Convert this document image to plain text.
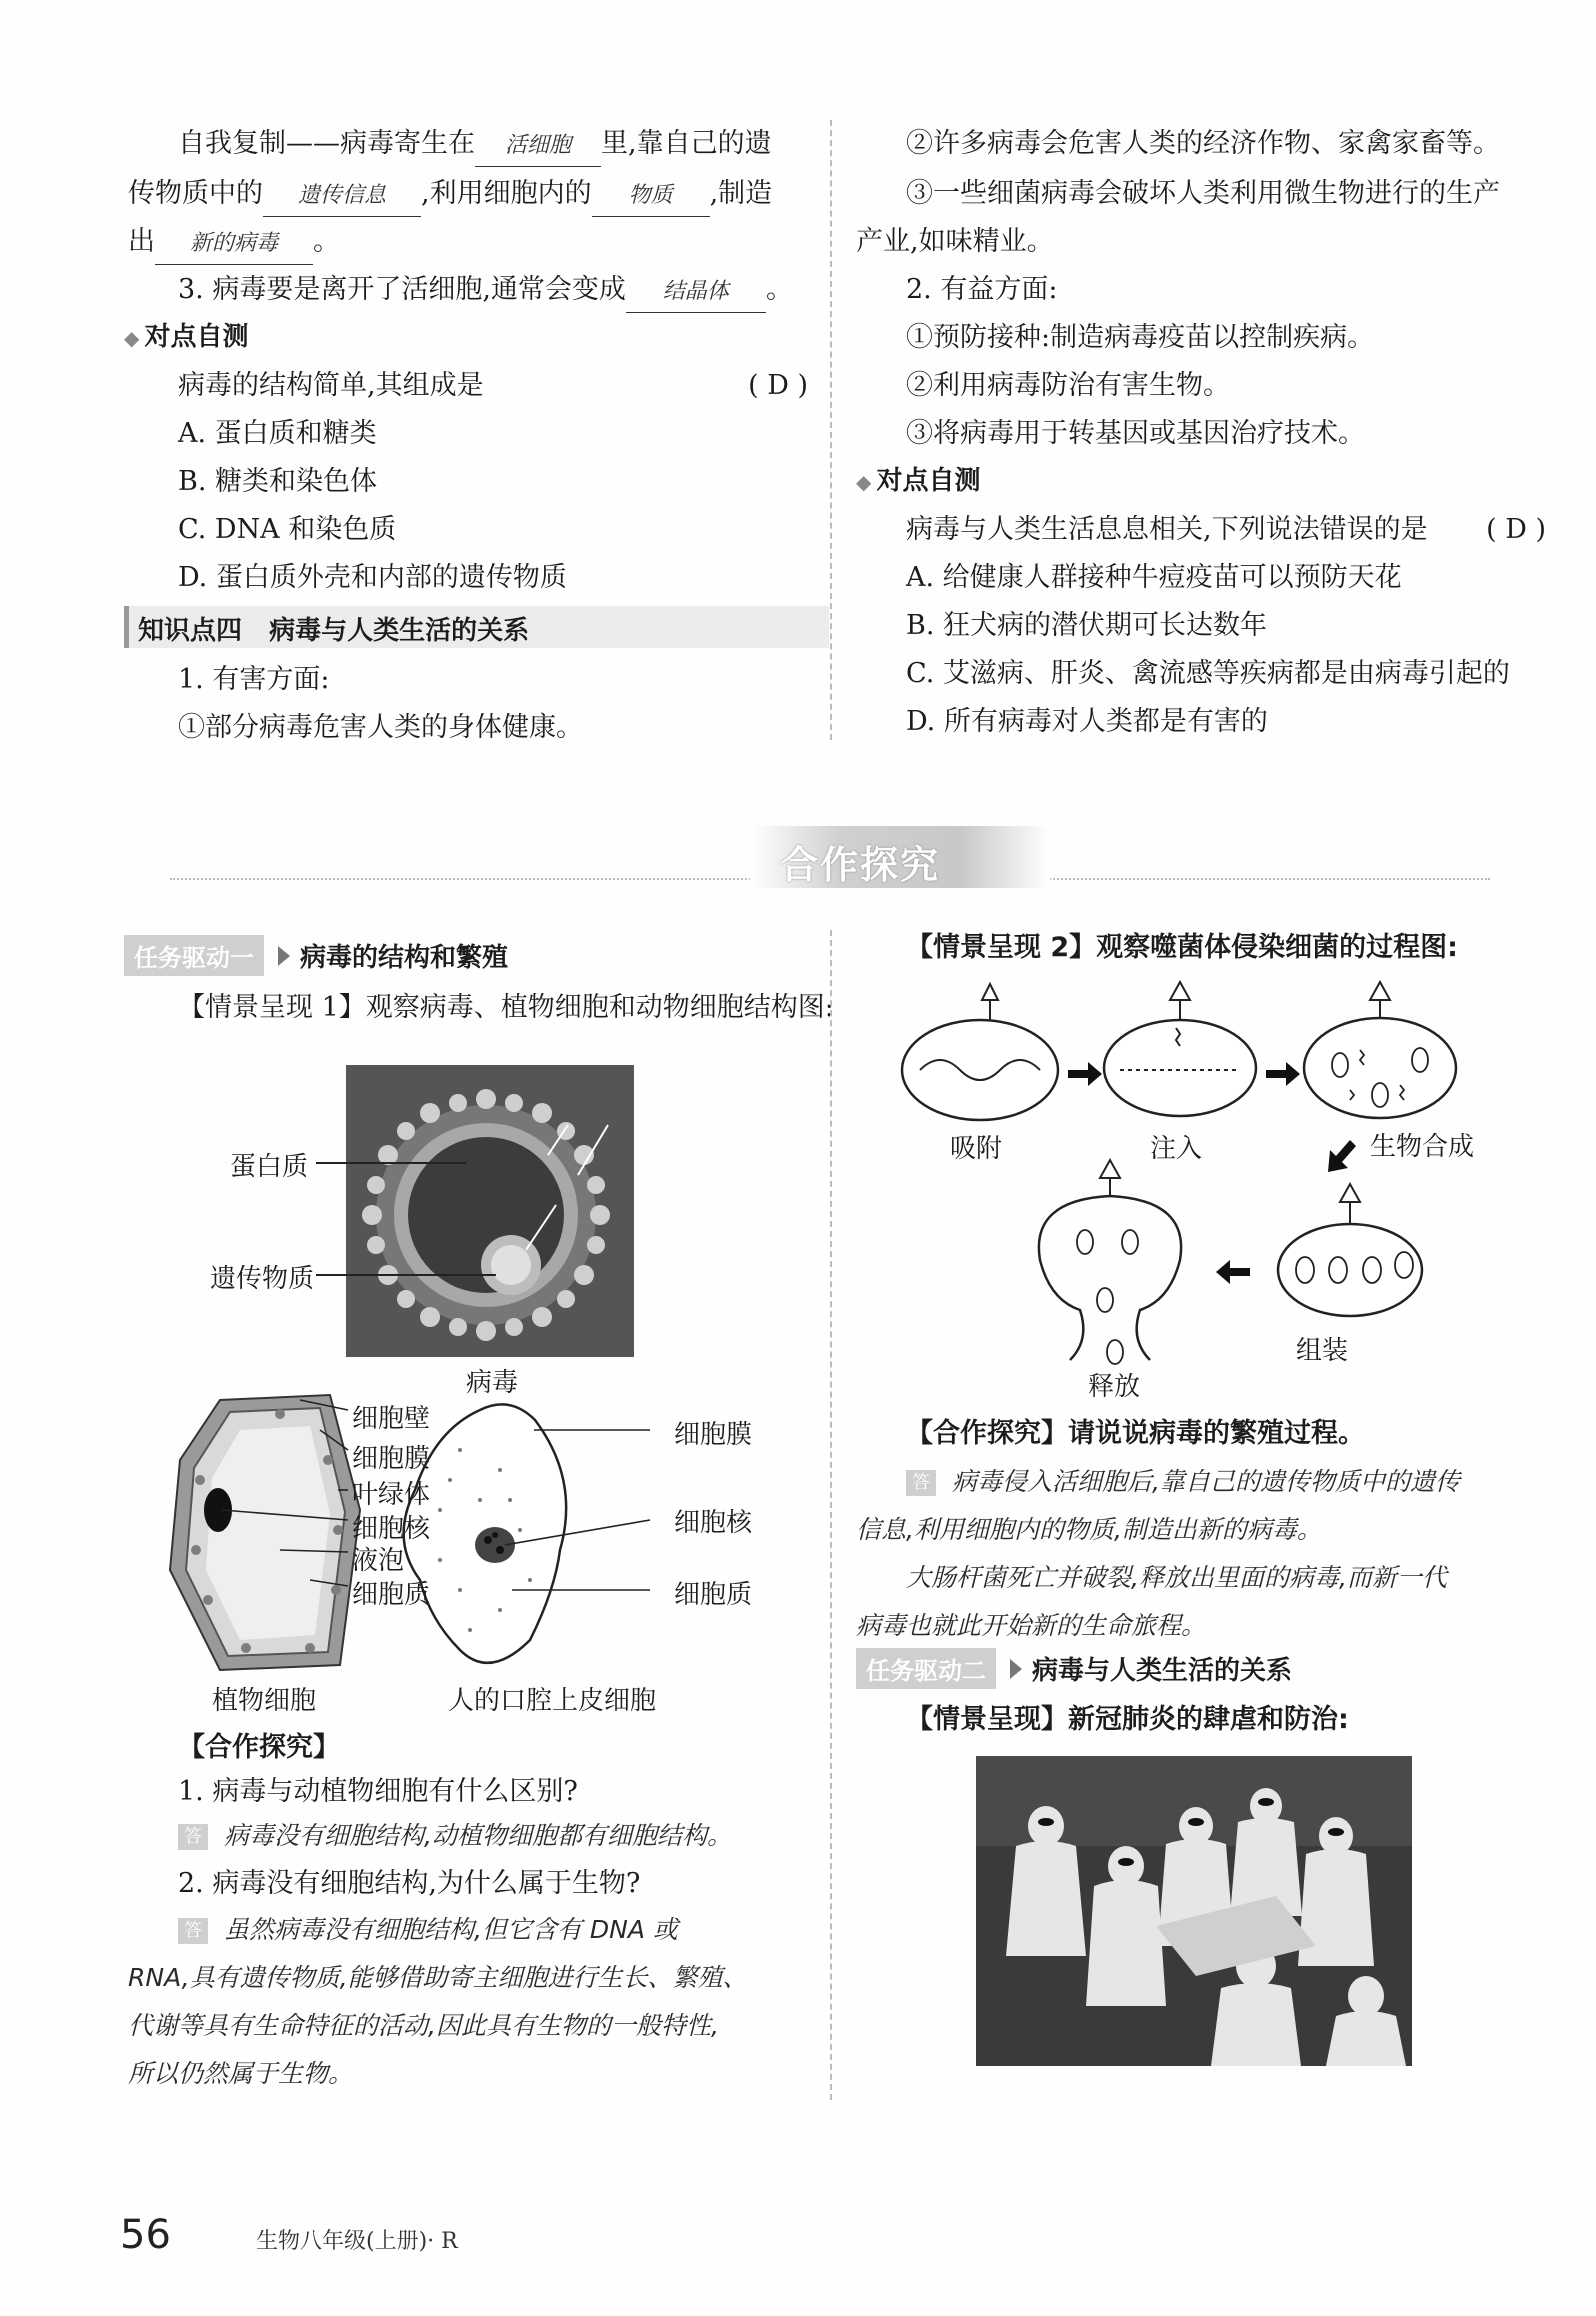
自我复制——病毒寄生在 活细胞 里,靠自己的遗
传物质中的 遗传信息 ,利用细胞内的 物质 ,制造
出 新的病毒 。
3. 病毒要是离开了活细胞,通常会变成 结晶体 。
◆ 对点自测
病毒的结构简单,其组成是	( D )
A. 蛋白质和糖类
B. 糖类和染色体
C. DNA 和染色质
D. 蛋白质外壳和内部的遗传物质
知识点四   病毒与人类生活的关系
1. 有害方面:
①部分病毒危害人类的身体健康。
②许多病毒会危害人类的经济作物、家禽家畜等。
③一些细菌病毒会破坏人类利用微生物进行的生产
产业,如味精业。
2. 有益方面:
①预防接种:制造病毒疫苗以控制疾病。
②利用病毒防治有害生物。
③将病毒用于转基因或基因治疗技术。
◆ 对点自测
病毒与人类生活息息相关,下列说法错误的是 ( D )
A. 给健康人群接种牛痘疫苗可以预防天花
B. 狂犬病的潜伏期可长达数年
C. 艾滋病、肝炎、禽流感等疾病都是由病毒引起的
D. 所有病毒对人类都是有害的
合作探究
任务驱动一 病毒的结构和繁殖
【情景呈现 1】观察病毒、植物细胞和动物细胞结构图:
蛋白质
遗传物质
病毒
细胞壁
细胞膜
叶绿体
细胞核
液泡
细胞质
细胞膜
细胞核
细胞质
植物细胞	人的口腔上皮细胞
【合作探究】
1. 病毒与动植物细胞有什么区别?
答 病毒没有细胞结构,动植物细胞都有细胞结构。
2. 病毒没有细胞结构,为什么属于生物?
答 虽然病毒没有细胞结构,但它含有 DNA 或
RNA,具有遗传物质,能够借助寄主细胞进行生长、繁殖、
代谢等具有生命特征的活动,因此具有生物的一般特性,
所以仍然属于生物。
【情景呈现 2】观察噬菌体侵染细菌的过程图:
吸附	注入	生物合成
组装
释放
【合作探究】请说说病毒的繁殖过程。
答 病毒侵入活细胞后,靠自己的遗传物质中的遗传
信息,利用细胞内的物质,制造出新的病毒。
大肠杆菌死亡并破裂,释放出里面的病毒,而新一代
病毒也就此开始新的生命旅程。
任务驱动二 病毒与人类生活的关系
【情景呈现】新冠肺炎的肆虐和防治:
56	生物八年级(上册)· R
